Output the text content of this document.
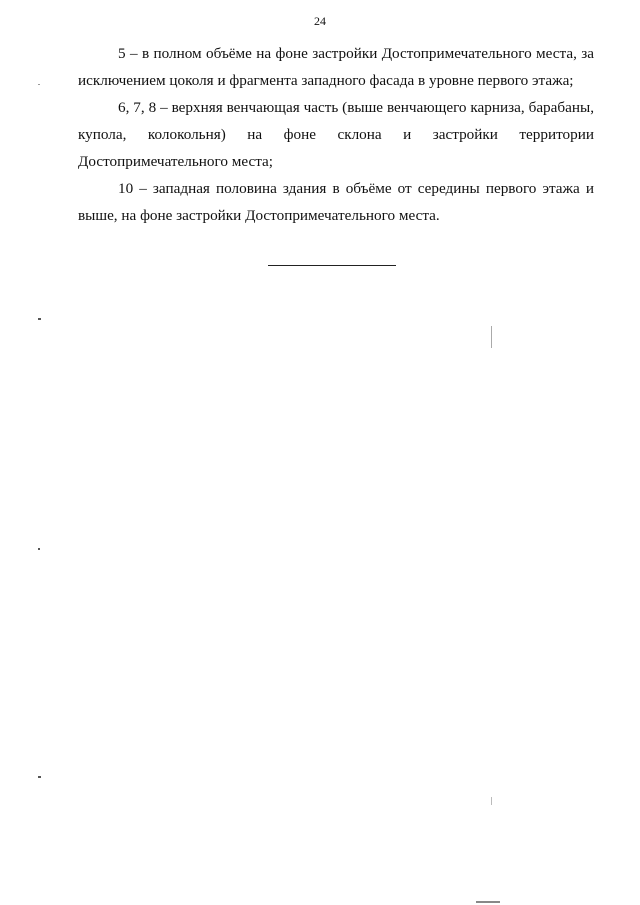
24

5 – в полном объёме на фоне застройки Достопримечательного места, за исключением цоколя и фрагмента западного фасада в уровне первого этажа;

6, 7, 8 – верхняя венчающая часть (выше венчающего карниза, барабаны, купола, колокольня) на фоне склона и застройки территории Достопримечательного места;

10 – западная половина здания в объёме от середины первого этажа и выше, на фоне застройки Достопримечательного места.
